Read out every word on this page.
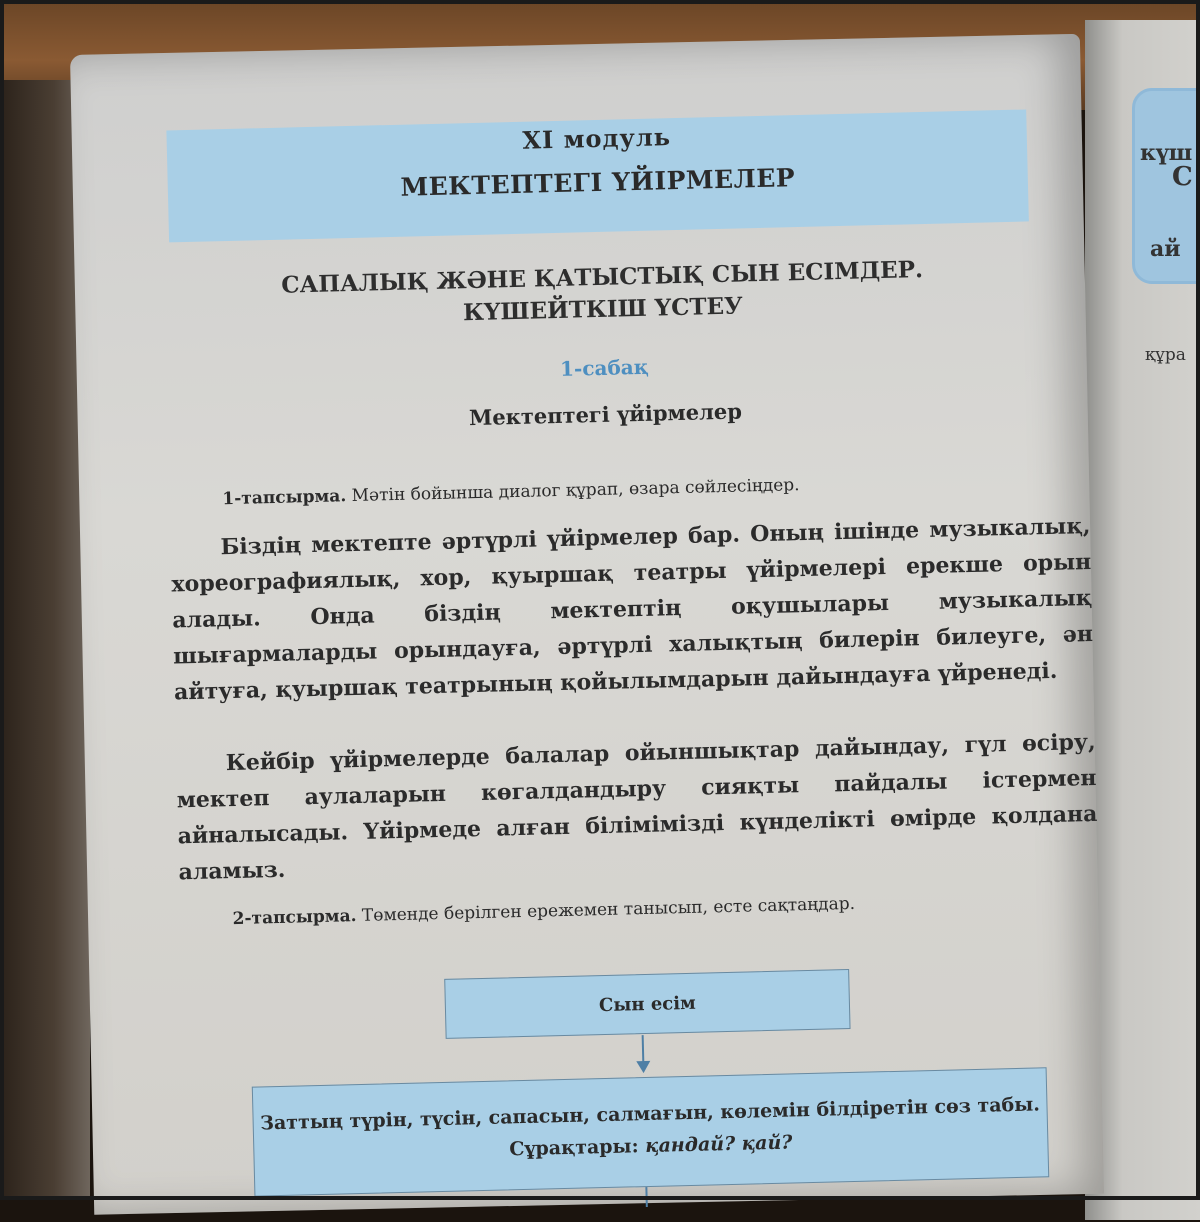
күш
С
ай
құра
XI модуль
МЕКТЕПТЕГІ ҮЙІРМЕЛЕР
САПАЛЫҚ ЖӘНЕ ҚАТЫСТЫҚ СЫН ЕСІМДЕР.
КҮШЕЙТКІШ ҮСТЕУ
1-сабақ
Мектептегі үйірмелер
1-тапсырма. Мәтін бойынша диалог құрап, өзара сөйлесіңдер.
Біздің мектепте әртүрлі үйірмелер бар. Оның ішінде музыкалық, хореографиялық, хор, қуыршақ театры үйірмелері ерекше орын алады. Онда біздің мектептің оқушылары музыкалық шығармаларды орындауға, әртүрлі халықтың билерін билеуге, ән айтуға, қуыршақ театрының қойылымдарын дайындауға үйренеді.
Кейбір үйірмелерде балалар ойыншықтар дайындау, гүл өсіру, мектеп аулаларын көгалдандыру сияқты пайдалы істермен айналысады. Үйірмеде алған білімімізді күнделікті өмірде қолдана аламыз.
2-тапсырма. Төменде берілген ережемен танысып, есте сақтаңдар.
Сын есім
Заттың түрін, түсін, сапасын, салмағын, көлемін білдіретін сөз табы. Сұрақтары: қандай? қай?
